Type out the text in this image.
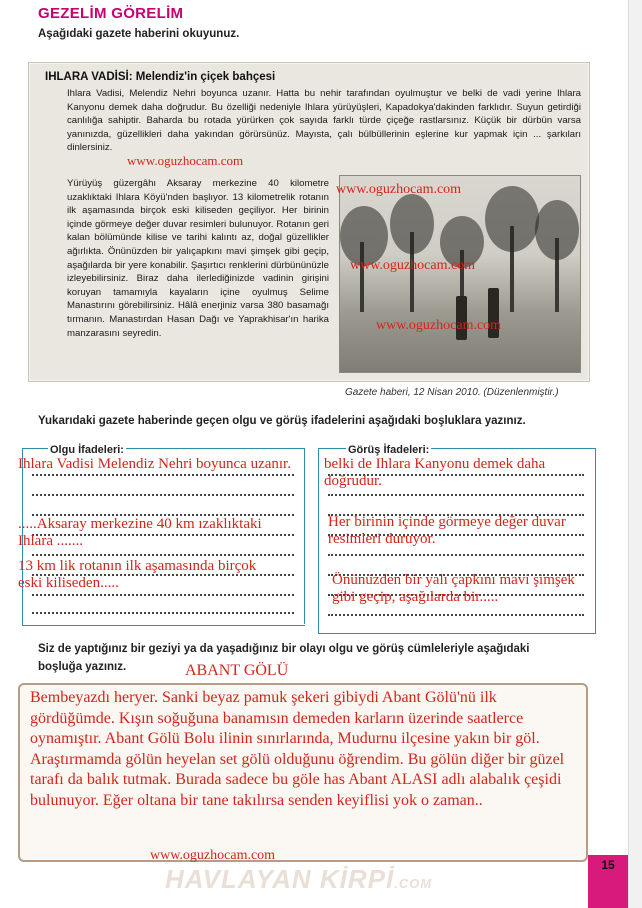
GEZELİM GÖRELİM
Aşağıdaki gazete haberini okuyunuz.
IHLARA VADİSİ: Melendiz'in çiçek bahçesi
Ihlara Vadisi, Melendiz Nehri boyunca uzanır. Hatta bu nehir tarafından oyulmuştur ve belki de vadi yerine Ihlara Kanyonu demek daha doğrudur. Bu özelliği nedeniyle Ihlara yürüyüşleri, Kapadokya'dakinden farklıdır. Suyun getirdiği canlılığa sahiptir. Baharda bu rotada yürürken çok sayıda farklı türde çiçeğe rastlarsınız. Küçük bir dürbün varsa yanınızda, güzellikleri daha yakından görürsünüz. Mayısta, çalı bülbüllerinin eşlerine kur yapmak için ... şarkıları dinlersiniz.
Yürüyüş güzergâhı Aksaray merkezine 40 kilometre uzaklıktaki Ihlara Köyü'nden başlıyor. 13 kilometrelik rotanın ilk aşamasında birçok eski kiliseden geçiliyor. Her birinin içinde görmeye değer duvar resimleri bulunuyor. Rotanın geri kalan bölümünde kilise ve tarihi kalıntı az, doğal güzellikler ağırlıkta. Önünüzden bir yalıçapkını mavi şimşek gibi geçip, aşağılarda bir yere konabilir. Şaşırtıcı renklerini dürbününüzle izleyebilirsiniz. Biraz daha ilerlediğinizde vadinin girişini koruyan tamamıyla kayaların içine oyulmuş Selime Manastırını görebilirsiniz. Hâlâ enerjiniz varsa 380 basamağı tırmanın. Manastırdan Hasan Dağı ve Yaprakhisar'ın harika manzarasını seyredin.
www.oguzhocam.com
www.oguzhocam.com
www.oguzhocam.com
www.oguzhocam.com
Gazete haberi, 12 Nisan 2010. (Düzenlenmiştir.)
Yukarıdaki gazete haberinde geçen olgu ve görüş ifadelerini aşağıdaki boşluklara yazınız.
Olgu İfadeleri:	Görüş İfadeleri:
Ihlara Vadisi Melendiz Nehri boyunca uzanır.
.....Aksaray merkezine 40 km ızaklıktaki Ihlara .......
13 km lik rotanın ilk aşamasında birçok eski kiliseden.....
belki de Ihlara Kanyonu demek daha doğrudur.
Her birinin içinde görmeye değer duvar resimleri duruyor.
Önünüzden bir yalı çapkını mavi şimşek gibi geçip, aşağılarda bir.....
Siz de yaptığınız bir geziyi ya da yaşadığınız bir olayı olgu ve görüş cümleleriyle aşağıdaki
boşluğa yazınız.	ABANT GÖLÜ
Bembeyazdı heryer. Sanki beyaz pamuk şekeri gibiydi Abant Gölü'nü ilk gördüğümde. Kışın soğuğuna banamısın demeden karların üzerinde saatlerce oynamıştır. Abant Gölü Bolu ilinin sınırlarında, Mudurnu ilçesine yakın bir göl. Araştırmamda gölün heyelan set gölü olduğunu öğrendim. Bu gölün diğer bir güzel tarafı da balık tutmak. Burada sadece bu göle has Abant ALASI adlı alabalık çeşidi bulunuyor. Eğer oltana bir tane takılırsa senden keyiflisi yok o zaman..
www.oguzhocam.com
HAVLAYAN KİRPİ.COM
15
